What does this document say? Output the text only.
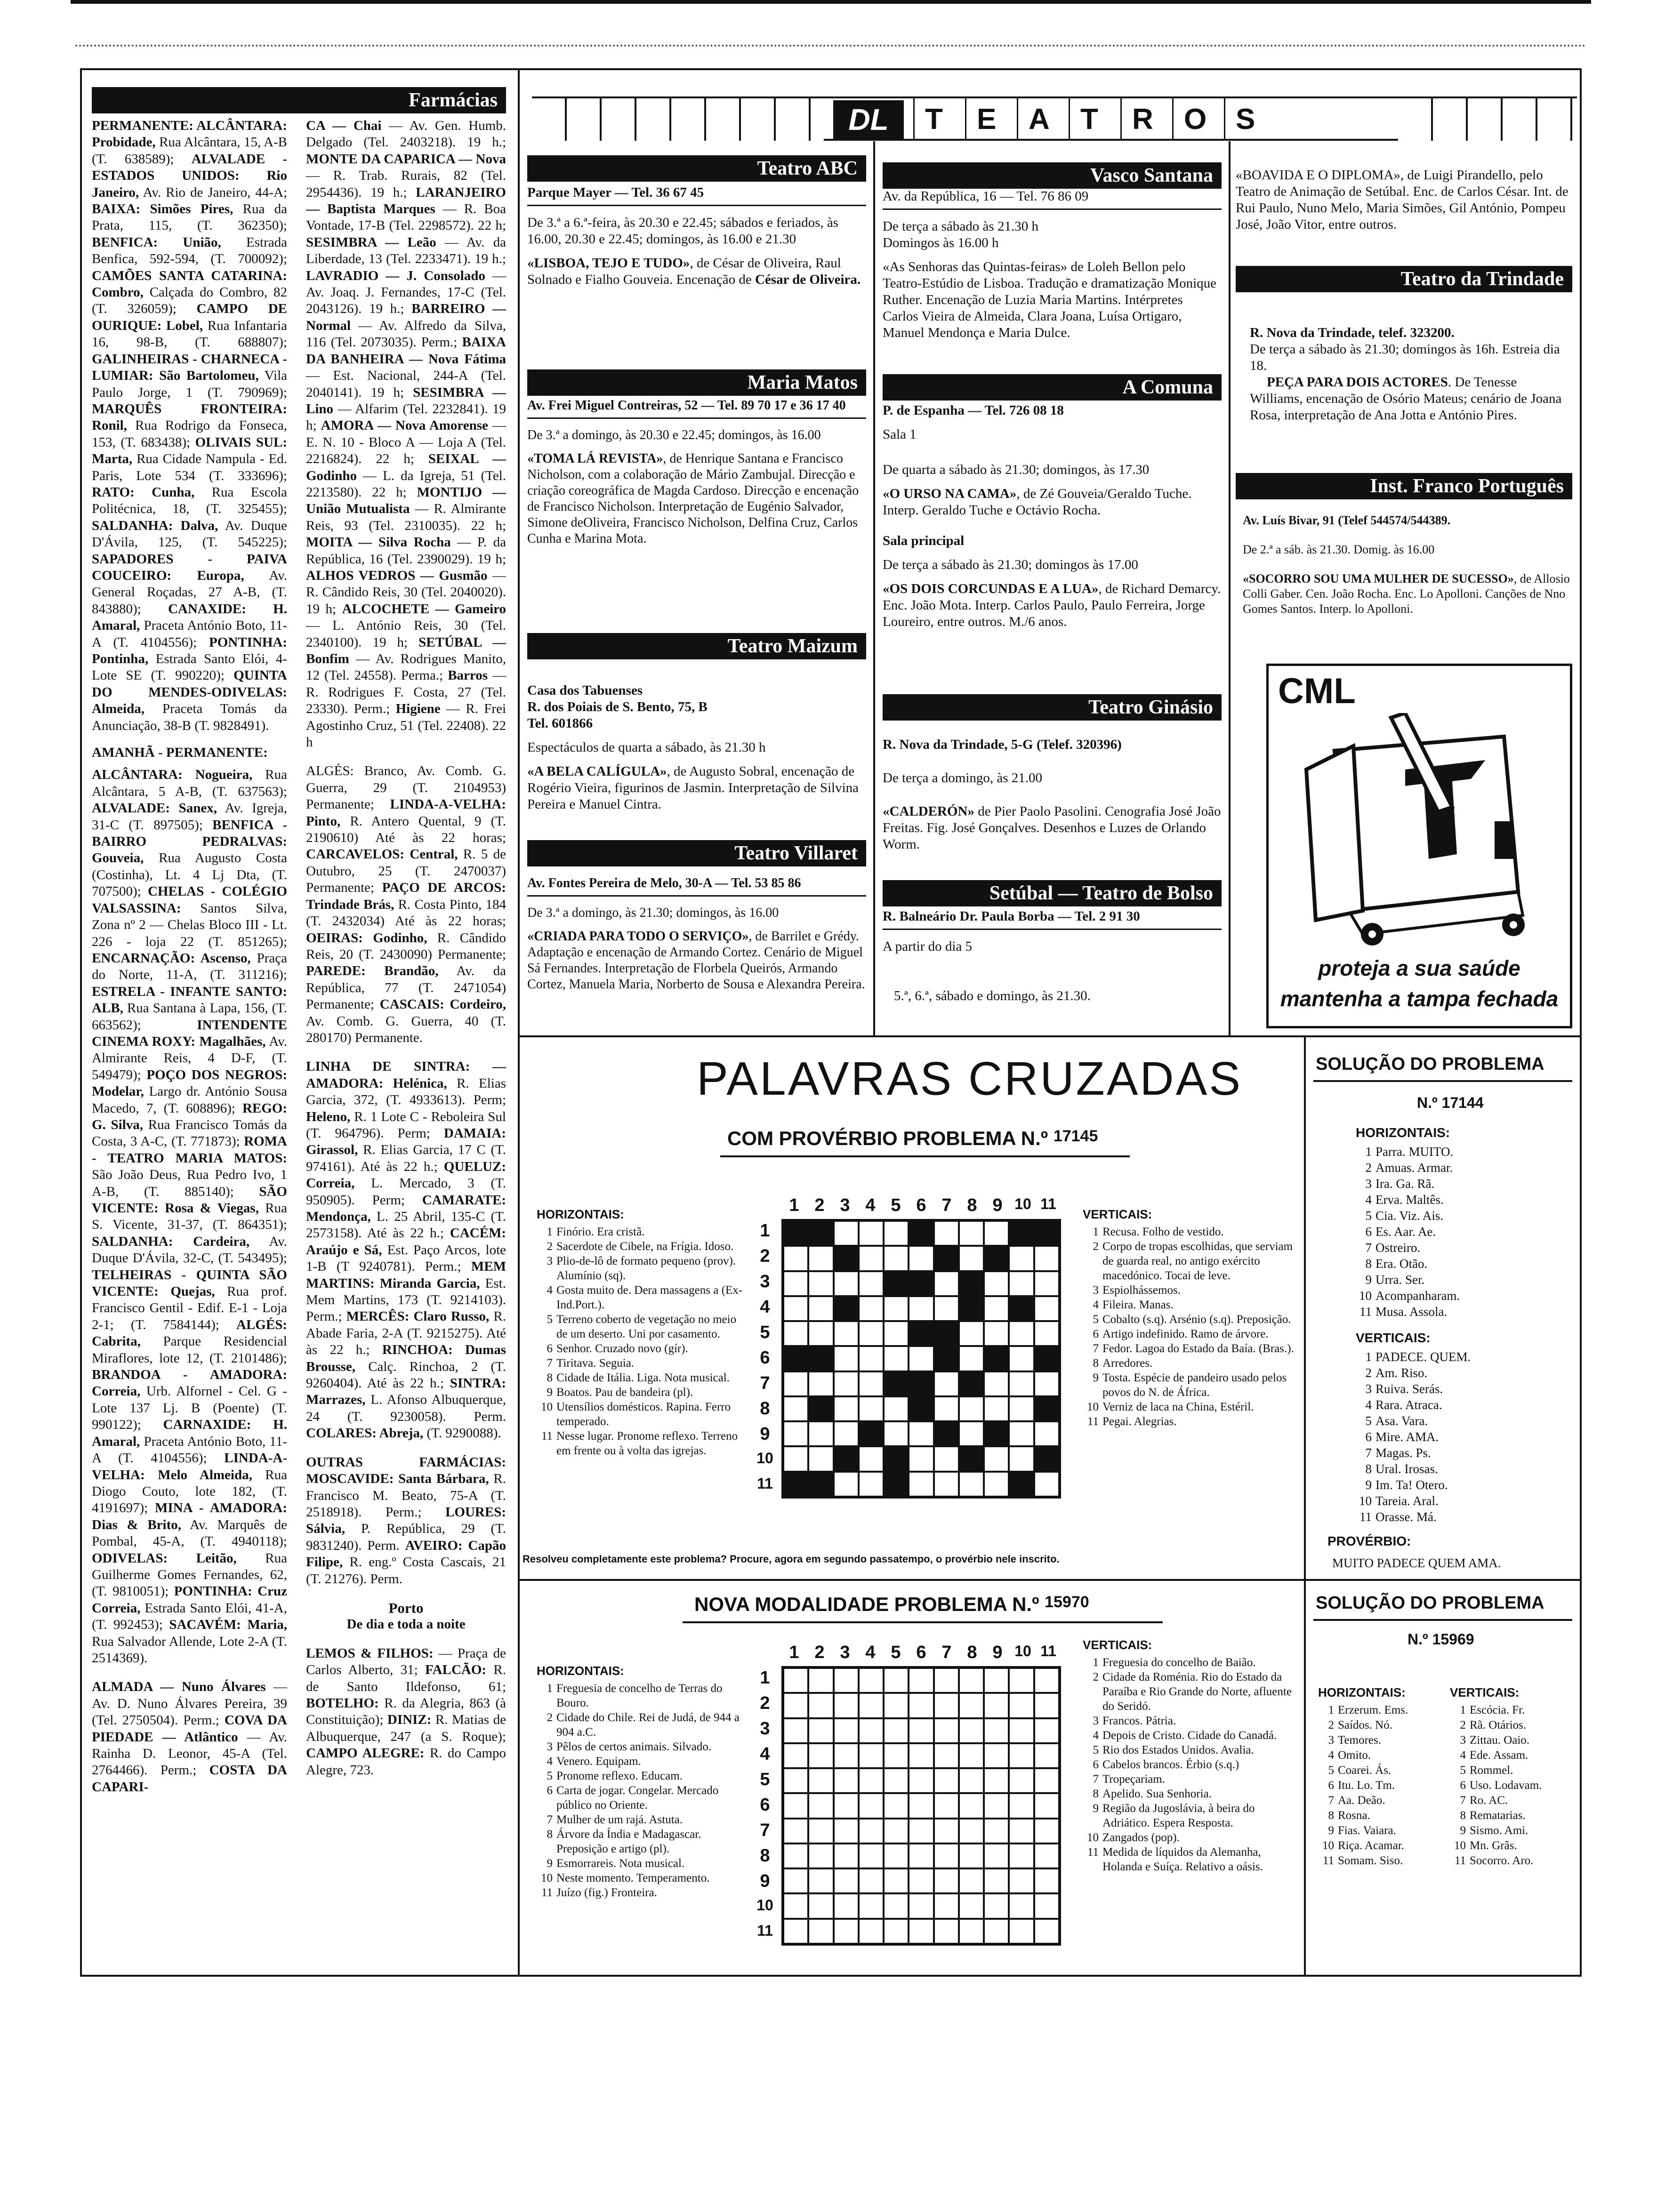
Farmácias

PERMANENTE: ALCÂNTARA: Probidade, Rua Alcântara, 15, A-B (T. 638589); ALVALADE - ESTADOS UNIDOS: Rio Janeiro, Av. Rio de Janeiro, 44-A; BAIXA: Simões Pires, Rua da Prata, 115, (T. 362350); BENFICA: União, Estrada Benfica, 592-594, (T. 700092); CAMÕES SANTA CATARINA: Combro, Calçada do Combro, 82 (T. 326059); CAMPO DE OURIQUE: Lobel, Rua Infantaria 16, 98-B, (T. 688807); GALINHEIRAS - CHARNECA - LUMIAR: São Bartolomeu, Vila Paulo Jorge, 1 (T. 790969); MARQUÊS FRONTEIRA: Ronil, Rua Rodrigo da Fonseca, 153, (T. 683438); OLIVAIS SUL: Marta, Rua Cidade Nampula - Ed. Paris, Lote 534 (T. 333696); RATO: Cunha, Rua Escola Politécnica, 18, (T. 325455); SALDANHA: Dalva, Av. Duque D'Ávila, 125, (T. 545225); SAPADORES - PAIVA COUCEIRO: Europa, Av. General Roçadas, 27 A-B, (T. 843880); CANAXIDE: H. Amaral, Praceta António Boto, 11-A (T. 4104556); PONTINHA: Pontinha, Estrada Santo Elói, 4-Lote SE (T. 990220); QUINTA DO MENDES-ODIVELAS: Almeida, Praceta Tomás da Anunciação, 38-B (T. 9828491).

AMANHÃ - PERMANENTE:

ALCÂNTARA: Nogueira, Rua Alcântara, 5 A-B, (T. 637563); ALVALADE: Sanex, Av. Igreja, 31-C (T. 897505); BENFICA - BAIRRO PEDRALVAS: Gouveia, Rua Augusto Costa (Costinha), Lt. 4 Lj Dta, (T. 707500); CHELAS - COLÉGIO VALSASSINA: Santos Silva, Zona nº 2 — Chelas Bloco III - Lt. 226 - loja 22 (T. 851265); ENCARNAÇÃO: Ascenso, Praça do Norte, 11-A, (T. 311216); ESTRELA - INFANTE SANTO: ALB, Rua Santana à Lapa, 156, (T. 663562); INTENDENTE CINEMA ROXY: Magalhães, Av. Almirante Reis, 4 D-F, (T. 549479); POÇO DOS NEGROS: Modelar, Largo dr. António Sousa Macedo, 7, (T. 608896); REGO: G. Silva, Rua Francisco Tomás da Costa, 3 A-C, (T. 771873); ROMA - TEATRO MARIA MATOS: São João Deus, Rua Pedro Ivo, 1 A-B, (T. 885140); SÃO VICENTE: Rosa & Viegas, Rua S. Vicente, 31-37, (T. 864351); SALDANHA: Cardeira, Av. Duque D'Ávila, 32-C, (T. 543495); TELHEIRAS - QUINTA SÃO VICENTE: Quejas, Rua prof. Francisco Gentil - Edif. E-1 - Loja 2-1; (T. 7584144); ALGÉS: Cabrita, Parque Residencial Miraflores, lote 12, (T. 2101486); BRANDOA - AMADORA: Correia, Urb. Alfornel - Cel. G - Lote 137 Lj. B (Poente) (T. 990122); CARNAXIDE: H. Amaral, Praceta António Boto, 11-A (T. 4104556); LINDA-A-VELHA: Melo Almeida, Rua Diogo Couto, lote 182, (T. 4191697); MINA - AMADORA: Dias & Brito, Av. Marquês de Pombal, 45-A, (T. 4940118); ODIVELAS: Leitão, Rua Guilherme Gomes Fernandes, 62, (T. 9810051); PONTINHA: Cruz Correia, Estrada Santo Elói, 41-A, (T. 992453); SACAVÉM: Maria, Rua Salvador Allende, Lote 2-A (T. 2514369).

ALMADA — Nuno Álvares — Av. D. Nuno Álvares Pereira, 39 (Tel. 2750504). Perm.; COVA DA PIEDADE — Atlântico — Av. Rainha D. Leonor, 45-A (Tel. 2764466). Perm.; COSTA DA CAPARI-

CA — Chai — Av. Gen. Humb. Delgado (Tel. 2403218). 19 h.; MONTE DA CAPARICA — Nova — R. Trab. Rurais, 82 (Tel. 2954436). 19 h.; LARANJEIRO — Baptista Marques — R. Boa Vontade, 17-B (Tel. 2298572). 22 h; SESIMBRA — Leão — Av. da Liberdade, 13 (Tel. 2233471). 19 h.; LAVRADIO — J. Consolado — Av. Joaq. J. Fernandes, 17-C (Tel. 2043126). 19 h.; BARREIRO — Normal — Av. Alfredo da Silva, 116 (Tel. 2073035). Perm.; BAIXA DA BANHEIRA — Nova Fátima — Est. Nacional, 244-A (Tel. 2040141). 19 h; SESIMBRA — Lino — Alfarim (Tel. 2232841). 19 h; AMORA — Nova Amorense — E. N. 10 - Bloco A — Loja A (Tel. 2216824). 22 h; SEIXAL — Godinho — L. da Igreja, 51 (Tel. 2213580). 22 h; MONTIJO — União Mutualista — R. Almirante Reis, 93 (Tel. 2310035). 22 h; MOITA — Silva Rocha — P. da República, 16 (Tel. 2390029). 19 h; ALHOS VEDROS — Gusmão — R. Cândido Reis, 30 (Tel. 2040020). 19 h; ALCOCHETE — Gameiro — L. António Reis, 30 (Tel. 2340100). 19 h; SETÚBAL — Bonfim — Av. Rodrigues Manito, 12 (Tel. 24558). Perma.; Barros — R. Rodrigues F. Costa, 27 (Tel. 23330). Perm.; Higiene — R. Frei Agostinho Cruz, 51 (Tel. 22408). 22 h

ALGÉS: Branco, Av. Comb. G. Guerra, 29 (T. 2104953) Permanente; LINDA-A-VELHA: Pinto, R. Antero Quental, 9 (T. 2190610) Até às 22 horas; CARCAVELOS: Central, R. 5 de Outubro, 25 (T. 2470037) Permanente; PAÇO DE ARCOS: Trindade Brás, R. Costa Pinto, 184 (T. 2432034) Até às 22 horas; OEIRAS: Godinho, R. Cândido Reis, 20 (T. 2430090) Permanente; PAREDE: Brandão, Av. da República, 77 (T. 2471054) Permanente; CASCAIS: Cordeiro, Av. Comb. G. Guerra, 40 (T. 280170) Permanente.

LINHA DE SINTRA: — AMADORA: Helénica, R. Elias Garcia, 372, (T. 4933613). Perm; Heleno, R. 1 Lote C - Reboleira Sul (T. 964796). Perm; DAMAIA: Girassol, R. Elias Garcia, 17 C (T. 974161). Até às 22 h.; QUELUZ: Correia, L. Mercado, 3 (T. 950905). Perm; CAMARATE: Mendonça, L. 25 Abril, 135-C (T. 2573158). Até às 22 h.; CACÉM: Araújo e Sá, Est. Paço Arcos, lote 1-B (T 9240781). Perm.; MEM MARTINS: Miranda Garcia, Est. Mem Martins, 173 (T. 9214103). Perm.; MERCÊS: Claro Russo, R. Abade Faria, 2-A (T. 9215275). Até às 22 h.; RINCHOA: Dumas Brousse, Calç. Rinchoa, 2 (T. 9260404). Até às 22 h.; SINTRA: Marrazes, L. Afonso Albuquerque, 24 (T. 9230058). Perm. COLARES: Abreja, (T. 9290088).

OUTRAS FARMÁCIAS: MOSCAVIDE: Santa Bárbara, R. Francisco M. Beato, 75-A (T. 2518918). Perm.; LOURES: Sálvia, P. República, 29 (T. 9831240). Perm. AVEIRO: Capão Filipe, R. eng.º Costa Cascais, 21 (T. 21276). Perm.

Porto
De dia e toda a noite

LEMOS & FILHOS: — Praça de Carlos Alberto, 31; FALCÃO: R. de Santo Ildefonso, 61; BOTELHO: R. da Alegria, 863 (à Constituição); DINIZ: R. Matias de Albuquerque, 247 (a S. Roque); CAMPO ALEGRE: R. do Campo Alegre, 723.

DL	T E A T R O S
Teatro ABC

Parque Mayer — Tel. 36 67 45

De 3.ª a 6.ª-feira, às 20.30 e 22.45; sábados e feriados, às 16.00, 20.30 e 22.45; domingos, às 16.00 e 21.30

«LISBOA, TEJO E TUDO», de César de Oliveira, Raul Solnado e Fialho Gouveia. Encenação de César de Oliveira.

Maria Matos

Av. Frei Miguel Contreiras, 52 — Tel. 89 70 17 e 36 17 40

De 3.ª a domingo, às 20.30 e 22.45; domingos, às 16.00

«TOMA LÁ REVISTA», de Henrique Santana e Francisco Nicholson, com a colaboração de Mário Zambujal. Direcção e criação coreográfica de Magda Cardoso. Direcção e encenação de Francisco Nicholson. Interpretação de Eugénio Salvador, Simone deOliveira, Francisco Nicholson, Delfina Cruz, Carlos Cunha e Marina Mota.

Teatro Maizum

Casa dos Tabuenses
R. dos Poiais de S. Bento, 75, B
Tel. 601866

Espectáculos de quarta a sábado, às 21.30 h

«A BELA CALÍGULA», de Augusto Sobral, encenação de Rogério Vieira, figurinos de Jasmin. Interpretação de Silvina Pereira e Manuel Cintra.

Teatro Villaret

Av. Fontes Pereira de Melo, 30-A — Tel. 53 85 86

De 3.ª a domingo, às 21.30; domingos, às 16.00

«CRIADA PARA TODO O SERVIÇO», de Barrilet e Grédy. Adaptação e encenação de Armando Cortez. Cenário de Miguel Sá Fernandes. Interpretação de Florbela Queirós, Armando Cortez, Manuela Maria, Norberto de Sousa e Alexandra Pereira.

Vasco Santana

Av. da República, 16 — Tel. 76 86 09

De terça a sábado às 21.30 h
Domingos às 16.00 h

«As Senhoras das Quintas-feiras» de Loleh Bellon pelo Teatro-Estúdio de Lisboa. Tradução e dramatização Monique Ruther. Encenação de Luzia Maria Martins. Intérpretes Carlos Vieira de Almeida, Clara Joana, Luísa Ortigaro, Manuel Mendonça e Maria Dulce.

A Comuna

P. de Espanha — Tel. 726 08 18

Sala 1

De quarta a sábado às 21.30; domingos, às 17.30

«O URSO NA CAMA», de Zé Gouveia/Geraldo Tuche. Interp. Geraldo Tuche e Octávio Rocha.

Sala principal

De terça a sábado às 21.30; domingos às 17.00

«OS DOIS CORCUNDAS E A LUA», de Richard Demarcy. Enc. João Mota. Interp. Carlos Paulo, Paulo Ferreira, Jorge Loureiro, entre outros. M./6 anos.

Teatro Ginásio

R. Nova da Trindade, 5-G (Telef. 320396)

De terça a domingo, às 21.00

«CALDERÓN» de Pier Paolo Pasolini. Cenografia José João Freitas. Fig. José Gonçalves. Desenhos e Luzes de Orlando Worm.

Setúbal — Teatro de Bolso

R. Balneário Dr. Paula Borba — Tel. 2 91 30

A partir do dia 5

5.ª, 6.ª, sábado e domingo, às 21.30.

«BOAVIDA E O DIPLOMA», de Luigi Pirandello, pelo Teatro de Animação de Setúbal. Enc. de Carlos César. Int. de Rui Paulo, Nuno Melo, Maria Simões, Gil António, Pompeu José, João Vitor, entre outros.

Teatro da Trindade

R. Nova da Trindade, telef. 323200.

De terça a sábado às 21.30; domingos às 16h. Estreia dia 18.

PEÇA PARA DOIS ACTORES. De Tenesse Williams, encenação de Osório Mateus; cenário de Joana Rosa, interpretação de Ana Jotta e António Pires.

Inst. Franco Português

Av. Luís Bivar, 91 (Telef 544574/544389.

De 2.ª a sáb. às 21.30. Domig. às 16.00

«SOCORRO SOU UMA MULHER DE SUCESSO», de Allosio Colli Gaber. Cen. João Rocha. Enc. Lo Apolloni. Canções de Nno Gomes Santos. Interp. lo Apolloni.

CML
proteja a sua saúde
mantenha a tampa fechada
PALAVRAS CRUZADAS
COM PROVÉRBIO PROBLEMA N.º $^{17145}$
1 2 3 4 5 6 7 8 9 10 11
1
2
3
4
5
6
7
8
9
10
11
HORIZONTAIS:
1 Finório. Era cristã.
2 Sacerdote de Cibele, na Frígia. Idoso.
3 Plio-de-lô de formato pequeno (prov). Alumínio (sq).
4 Gosta muito de. Dera massagens a (Ex-Ind.Port.).
5 Terreno coberto de vegetação no meio de um deserto. Uni por casamento.
6 Senhor. Cruzado novo (gír).
7 Tiritava. Seguia.
8 Cidade de Itália. Liga. Nota musical.
9 Boatos. Pau de bandeira (pl).
10 Utensílios domésticos. Rapina. Ferro temperado.
11 Nesse lugar. Pronome reflexo. Terreno em frente ou à volta das igrejas.
VERTICAIS:
1 Recusa. Folho de vestido.
2 Corpo de tropas escolhidas, que serviam de guarda real, no antigo exército macedónico. Tocai de leve.
3 Espiolhássemos.
4 Fileira. Manas.
5 Cobalto (s.q). Arsénio (s.q). Preposição.
6 Artigo indefinido. Ramo de árvore.
7 Fedor. Lagoa do Estado da Baía. (Bras.).
8 Arredores.
9 Tosta. Espécie de pandeiro usado pelos povos do N. de África.
10 Verniz de laca na China, Estéril.
11 Pegai. Alegrias.
Resolveu completamente este problema? Procure, agora em segundo passatempo, o provérbio nele inscrito.
NOVA MODALIDADE PROBLEMA N.º $^{15970}$
1 2 3 4 5 6 7 8 9 10 11
1
2
3
4
5
6
7
8
9
10
11
HORIZONTAIS:
1 Freguesia de concelho de Terras do Bouro.
2 Cidade do Chile. Rei de Judá, de 944 a 904 a.C.
3 Pêlos de certos animais. Silvado.
4 Venero. Equipam.
5 Pronome reflexo. Educam.
6 Carta de jogar. Congelar. Mercado público no Oriente.
7 Mulher de um rajá. Astuta.
8 Árvore da Índia e Madagascar. Preposição e artigo (pl).
9 Esmorrareis. Nota musical.
10 Neste momento. Temperamento.
11 Juízo (fig.) Fronteira.
VERTICAIS:
1 Freguesia do concelho de Baião.
2 Cidade da Roménia. Rio do Estado da Paraíba e Rio Grande do Norte, afluente do Seridó.
3 Francos. Pátria.
4 Depois de Cristo. Cidade do Canadá.
5 Rio dos Estados Unidos. Avalia.
6 Cabelos brancos. Érbio (s.q.)
7 Tropeçariam.
8 Apelido. Sua Senhoria.
9 Região da Jugoslávia, à beira do Adriático. Espera Resposta.
10 Zangados (pop).
11 Medida de líquidos da Alemanha, Holanda e Suíça. Relativo a oásis.
SOLUÇÃO DO PROBLEMA
N.º 17144
HORIZONTAIS:
1 Parra. MUITO.
2 Amuas. Armar.
3 Ira. Ga. Rã.
4 Erva. Maltês.
5 Cia. Viz. Ais.
6 Es. Aar. Ae.
7 Ostreiro.
8 Era. Otão.
9 Urra. Ser.
10 Acompanharam.
11 Musa. Assola.
VERTICAIS:
1 PADECE. QUEM.
2 Am. Riso.
3 Ruiva. Serás.
4 Rara. Atraca.
5 Asa. Vara.
6 Mire. AMA.
7 Magas. Ps.
8 Ural. Irosas.
9 Im. Ta! Otero.
10 Tareia. Aral.
11 Orasse. Má.
PROVÉRBIO:
MUITO PADECE QUEM AMA.
SOLUÇÃO DO PROBLEMA
N.º 15969
HORIZONTAIS:
1 Erzerum. Ems.
2 Saídos. Nó.
3 Temores.
4 Omito.
5 Coarei. Ás.
6 Itu. Lo. Tm.
7 Aa. Deão.
8 Rosna.
9 Fias. Vaiara.
10 Riça. Acamar.
11 Somam. Siso.
VERTICAIS:
1 Escócia. Fr.
2 Rã. Otários.
3 Zittau. Oaio.
4 Ede. Assam.
5 Rommel.
6 Uso. Lodavam.
7 Ro. AC.
8 Rematarias.
9 Sismo. Ami.
10 Mn. Grãs.
11 Socorro. Aro.
